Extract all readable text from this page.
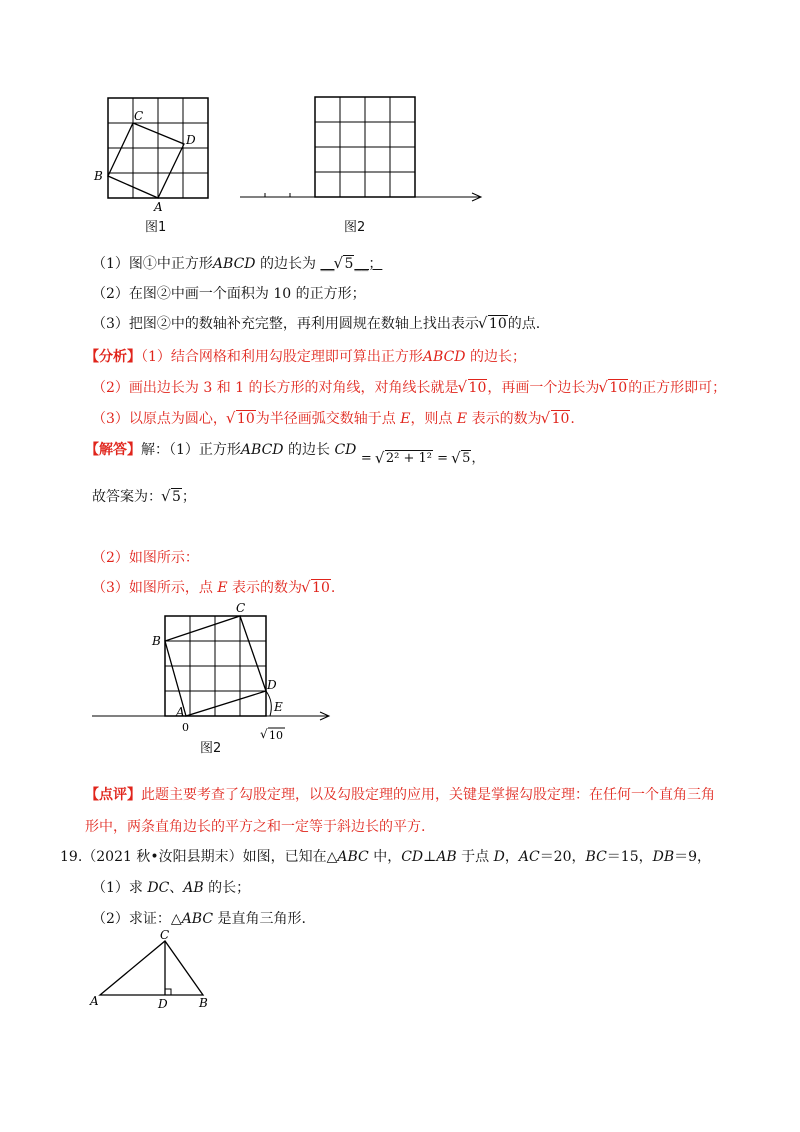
C
D
B
A
图1	图2
（1）图①中正方形ABCD 的边长为 __ √ 5__；
（2）在图②中画一个面积为 10 的正方形；
（3）把图②中的数轴补充完整，再利用圆规在数轴上找出表示 √ 10的点.
【分析】（1）结合网格和利用勾股定理即可算出正方形ABCD 的边长；
（2）画出边长为 3 和 1 的长方形的对角线，对角线长就是 √ 10，再画一个边长为 √ 10的正方形即可；
（3）以原点为圆心， √ 10为半径画弧交数轴于点 E，则点 E 表示的数为 √ 10.
【解答】解：（1）正方形ABCD 的边长 CD = √ 2² + 1² = √ 5，
故答案为： √ 5；
（2）如图所示：
（3）如图所示，点 E 表示的数为 √ 10.
C
B
D
A	E
0	√ 10
图2
【点评】此题主要考查了勾股定理，以及勾股定理的应用，关键是掌握勾股定理：在任何一个直角三角
形中，两条直角边长的平方之和一定等于斜边长的平方.
19.（2021 秋•汝阳县期末）如图，已知在△ABC 中，CD⊥AB 于点 D，AC＝20，BC＝15，DB＝9，
（1）求 DC、AB 的长；
（2）求证：△ABC 是直角三角形.
C
A	D	B
